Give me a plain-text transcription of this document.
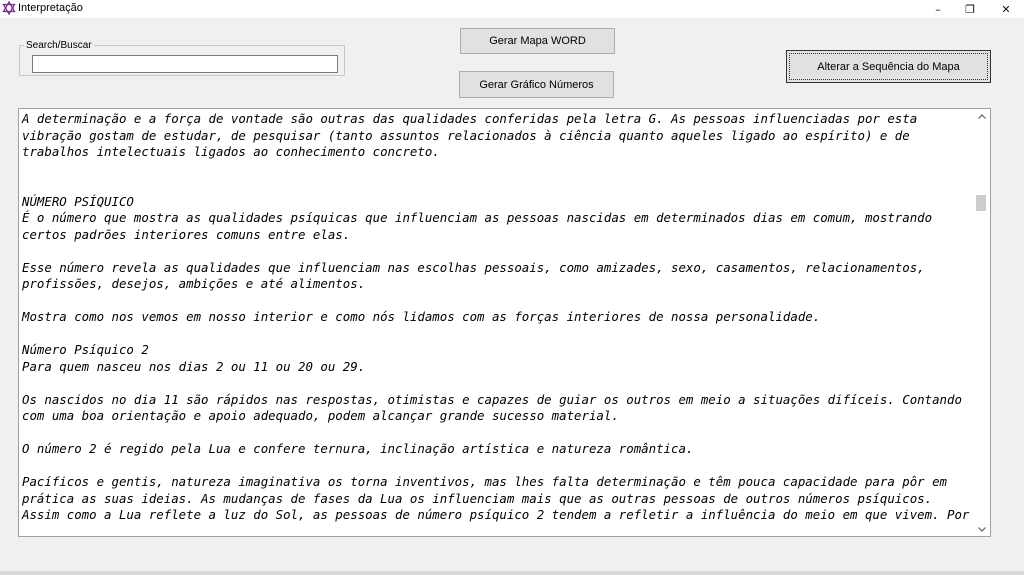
Interpretação	– ❐ ✕
Search/Buscar	Gerar Mapa WORD
Gerar Gráfico Números
Alterar a Sequência do Mapa

A determinação e a força de vontade são outras das qualidades conferidas pela letra G. As pessoas influenciadas por esta

vibração gostam de estudar, de pesquisar (tanto assuntos relacionados à ciência quanto aqueles ligado ao espírito) e de

trabalhos intelectuais ligados ao conhecimento concreto.

NÚMERO PSÍQUICO

É o número que mostra as qualidades psíquicas que influenciam as pessoas nascidas em determinados dias em comum, mostrando

certos padrões interiores comuns entre elas.

Esse número revela as qualidades que influenciam nas escolhas pessoais, como amizades, sexo, casamentos, relacionamentos,

profissões, desejos, ambições e até alimentos.

Mostra como nos vemos em nosso interior e como nós lidamos com as forças interiores de nossa personalidade.

Número Psíquico 2

Para quem nasceu nos dias 2 ou 11 ou 20 ou 29.

Os nascidos no dia 11 são rápidos nas respostas, otimistas e capazes de guiar os outros em meio a situações difíceis. Contando

com uma boa orientação e apoio adequado, podem alcançar grande sucesso material.

O número 2 é regido pela Lua e confere ternura, inclinação artística e natureza romântica.

Pacíficos e gentis, natureza imaginativa os torna inventivos, mas lhes falta determinação e têm pouca capacidade para pôr em

prática as suas ideias. As mudanças de fases da Lua os influenciam mais que as outras pessoas de outros números psíquicos.

Assim como a Lua reflete a luz do Sol, as pessoas de número psíquico 2 tendem a refletir a influência do meio em que vivem. Por
